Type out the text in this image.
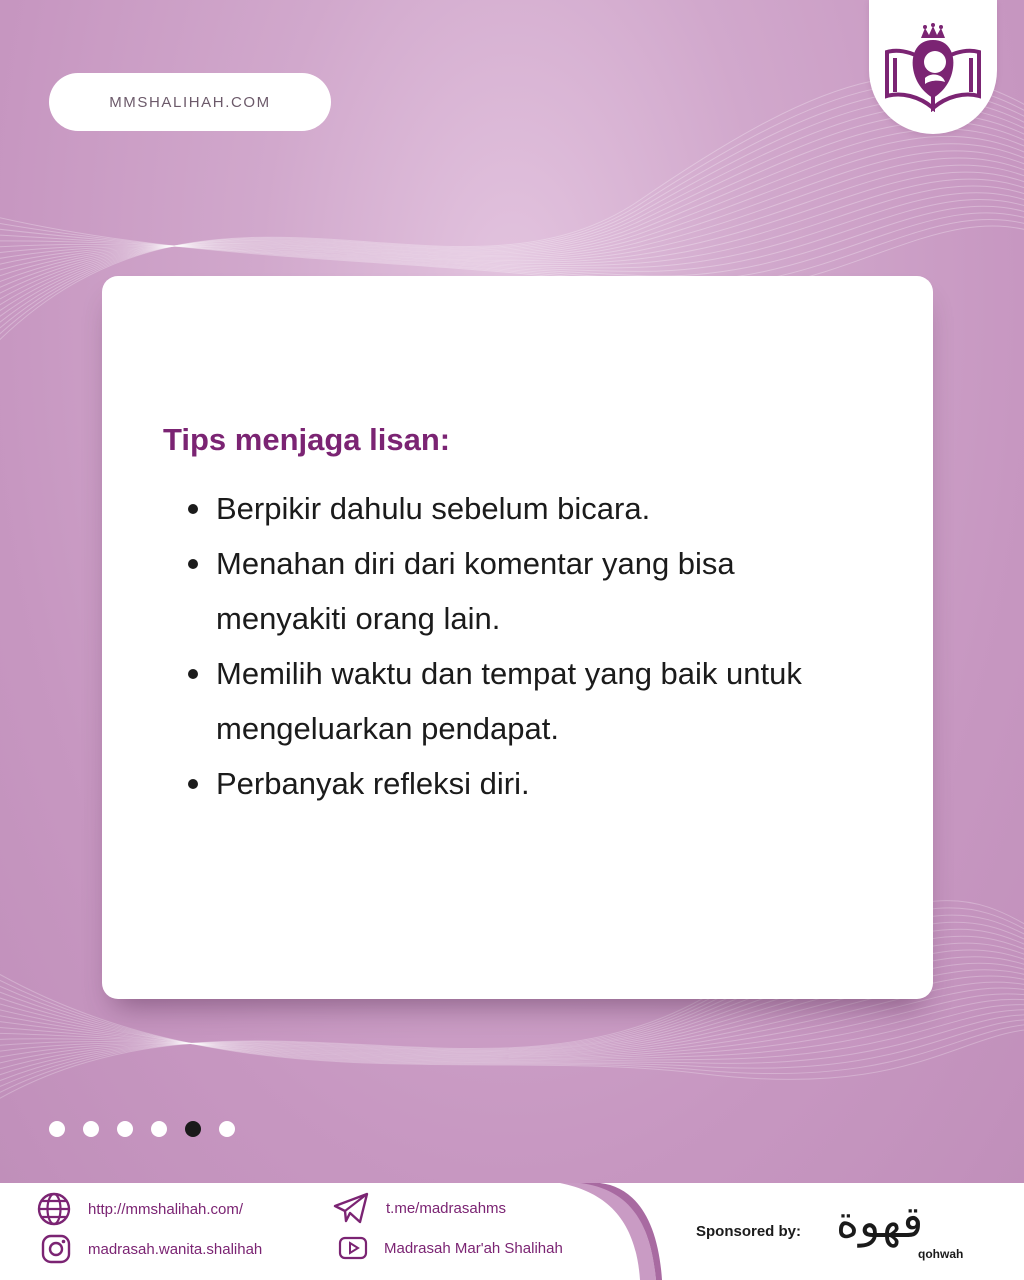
MMSHALIHAH.COM
Tips menjaga lisan:
Berpikir dahulu sebelum bicara.
Menahan diri dari komentar yang bisa menyakiti orang lain.
Memilih waktu dan tempat yang baik untuk mengeluarkan pendapat.
Perbanyak refleksi diri.
http://mmshalihah.com/
madrasah.wanita.shalihah
t.me/madrasahms
Madrasah Mar'ah Shalihah
Sponsored by: قهوة
qohwah
